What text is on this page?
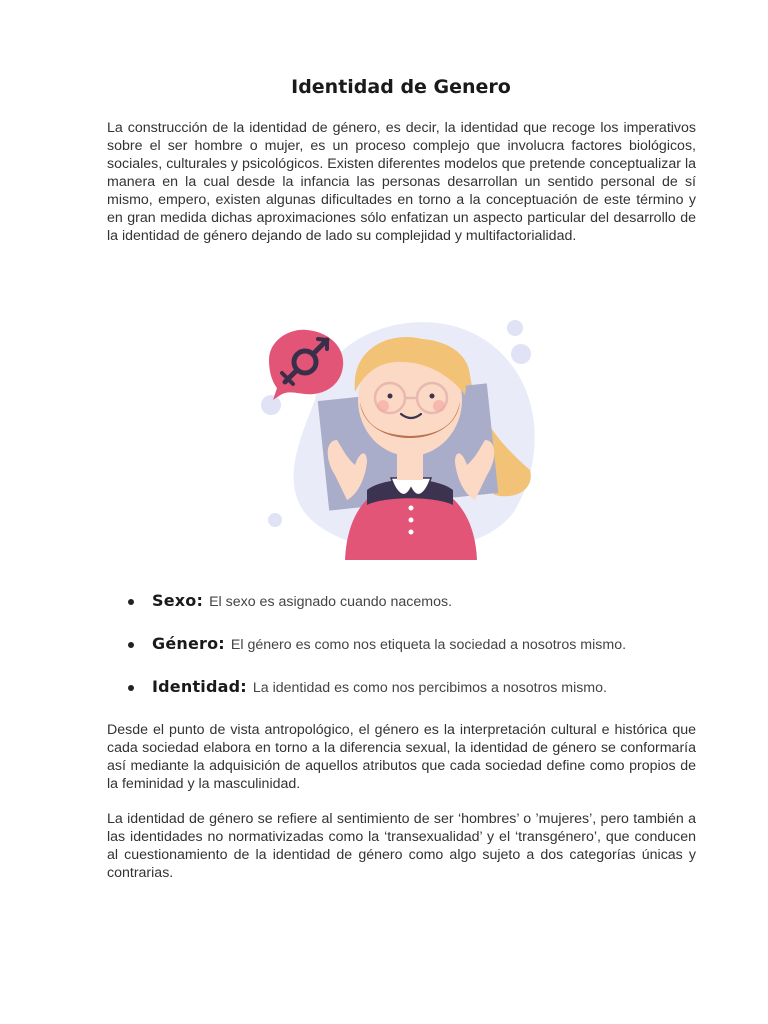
Identidad de Genero

La construcción de la identidad de género, es decir, la identidad que recoge los imperativos sobre el ser hombre o mujer, es un proceso complejo que involucra factores biológicos, sociales, culturales y psicológicos. Existen diferentes modelos que pretende conceptualizar la manera en la cual desde la infancia las personas desarrollan un sentido personal de sí mismo, empero, existen algunas dificultades en torno a la conceptuación de este término y en gran medida dichas aproximaciones sólo enfatizan un aspecto particular del desarrollo de la identidad de género dejando de lado su complejidad y multifactorialidad.

Sexo: El sexo es asignado cuando nacemos.
Género: El género es como nos etiqueta la sociedad a nosotros mismo.
Identidad: La identidad es como nos percibimos a nosotros mismo.

Desde el punto de vista antropológico, el género es la interpretación cultural e histórica que cada sociedad elabora en torno a la diferencia sexual, la identidad de género se conformaría así mediante la adquisición de aquellos atributos que cada sociedad define como propios de la feminidad y la masculinidad.

La identidad de género se refiere al sentimiento de ser ‘hombres’ o ’mujeres’, pero también a las identidades no normativizadas como la ‘transexualidad’ y el ‘transgénero’, que conducen al cuestionamiento de la identidad de género como algo sujeto a dos categorías únicas y contrarias.
